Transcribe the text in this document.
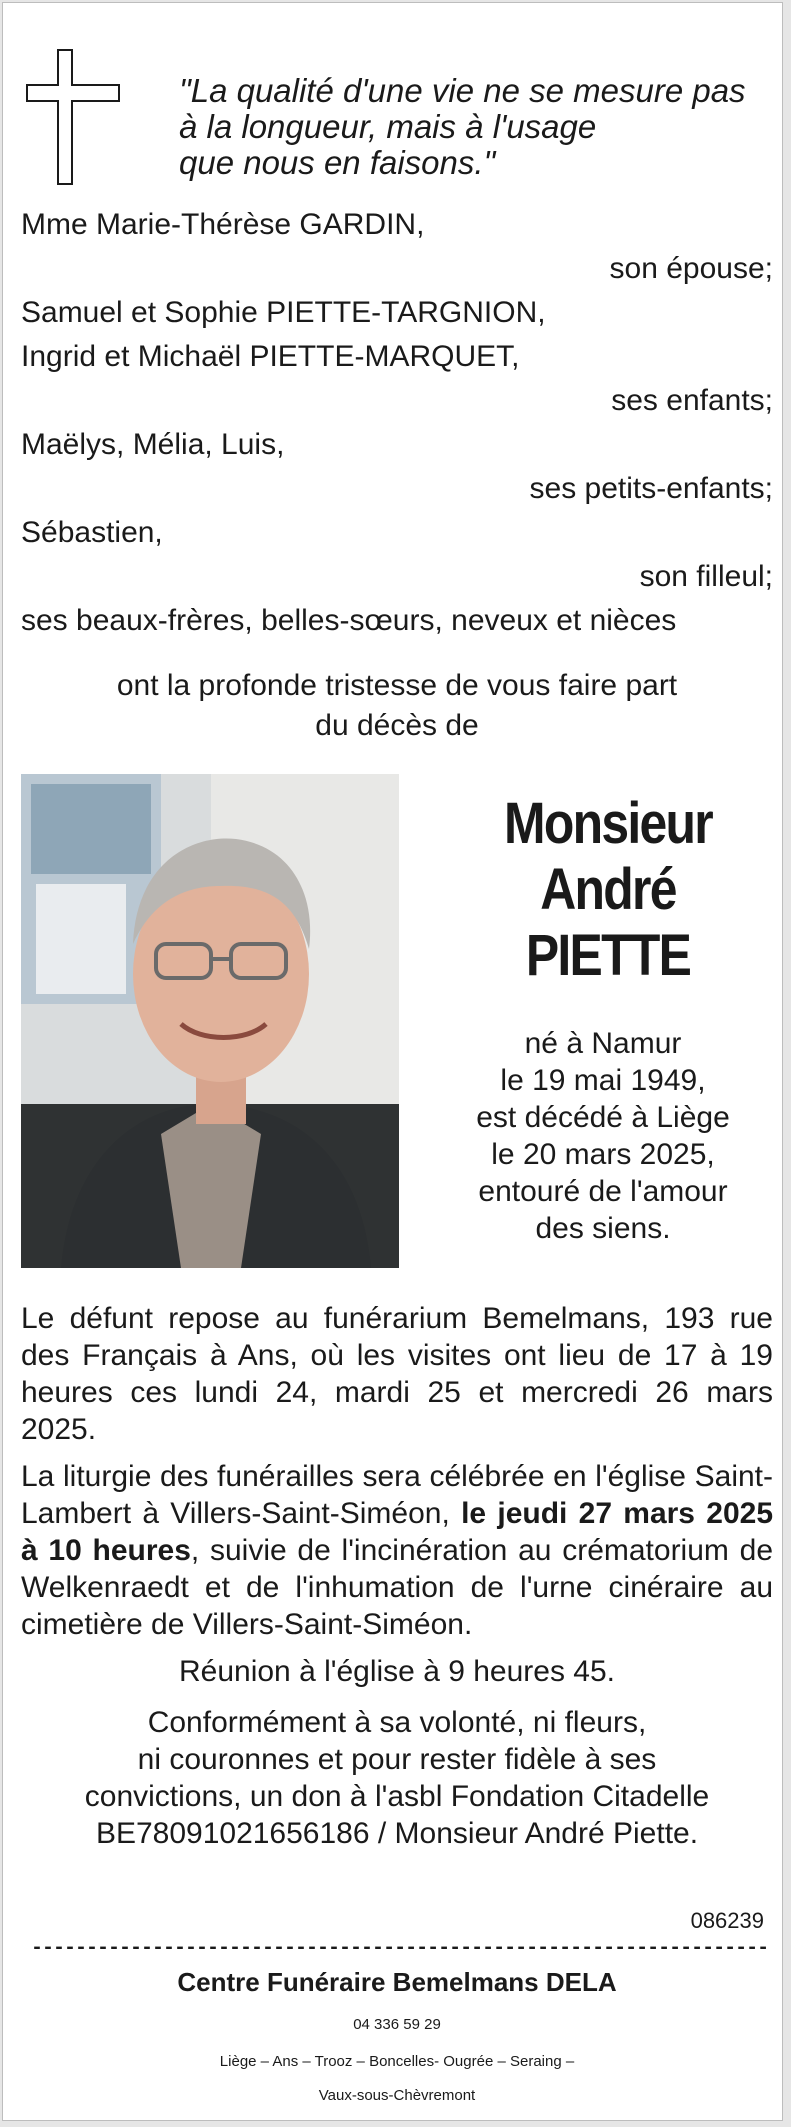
"La qualité d'une vie ne se mesure pas
à la longueur, mais à l'usage
que nous en faisons."
Mme Marie-Thérèse GARDIN,
son épouse;
Samuel et Sophie PIETTE-TARGNION,
Ingrid et Michaël PIETTE-MARQUET,
ses enfants;
Maëlys, Mélia, Luis,
ses petits-enfants;
Sébastien,
son filleul;
ses beaux-frères, belles-sœurs, neveux et nièces
ont la profonde tristesse de vous faire part
du décès de
Monsieur
André
PIETTE
né à Namur
le 19 mai 1949,
est décédé à Liège
le 20 mars 2025,
entouré de l'amour
des siens.

Le défunt repose au funérarium Bemelmans, 193 rue des Français à Ans, où les visites ont lieu de 17 à 19 heures ces lundi 24, mardi 25 et mercredi 26 mars 2025.

La liturgie des funérailles sera célébrée en l'église Saint-Lambert à Villers-Saint-Siméon, le jeudi 27 mars 2025 à 10 heures, suivie de l'incinération au crématorium de Welkenraedt et de l'inhumation de l'urne cinéraire au cimetière de Villers-Saint-Siméon.

Réunion à l'église à 9 heures 45.
Conformément à sa volonté, ni fleurs,
ni couronnes et pour rester fidèle à ses
convictions, un don à l'asbl Fondation Citadelle
BE78091021656186 / Monsieur André Piette.
086239
-------------------------------------------------------------------
Centre Funéraire Bemelmans DELA
04 336 59 29
Liège – Ans – Trooz – Boncelles- Ougrée – Seraing –
Vaux-sous-Chèvremont
